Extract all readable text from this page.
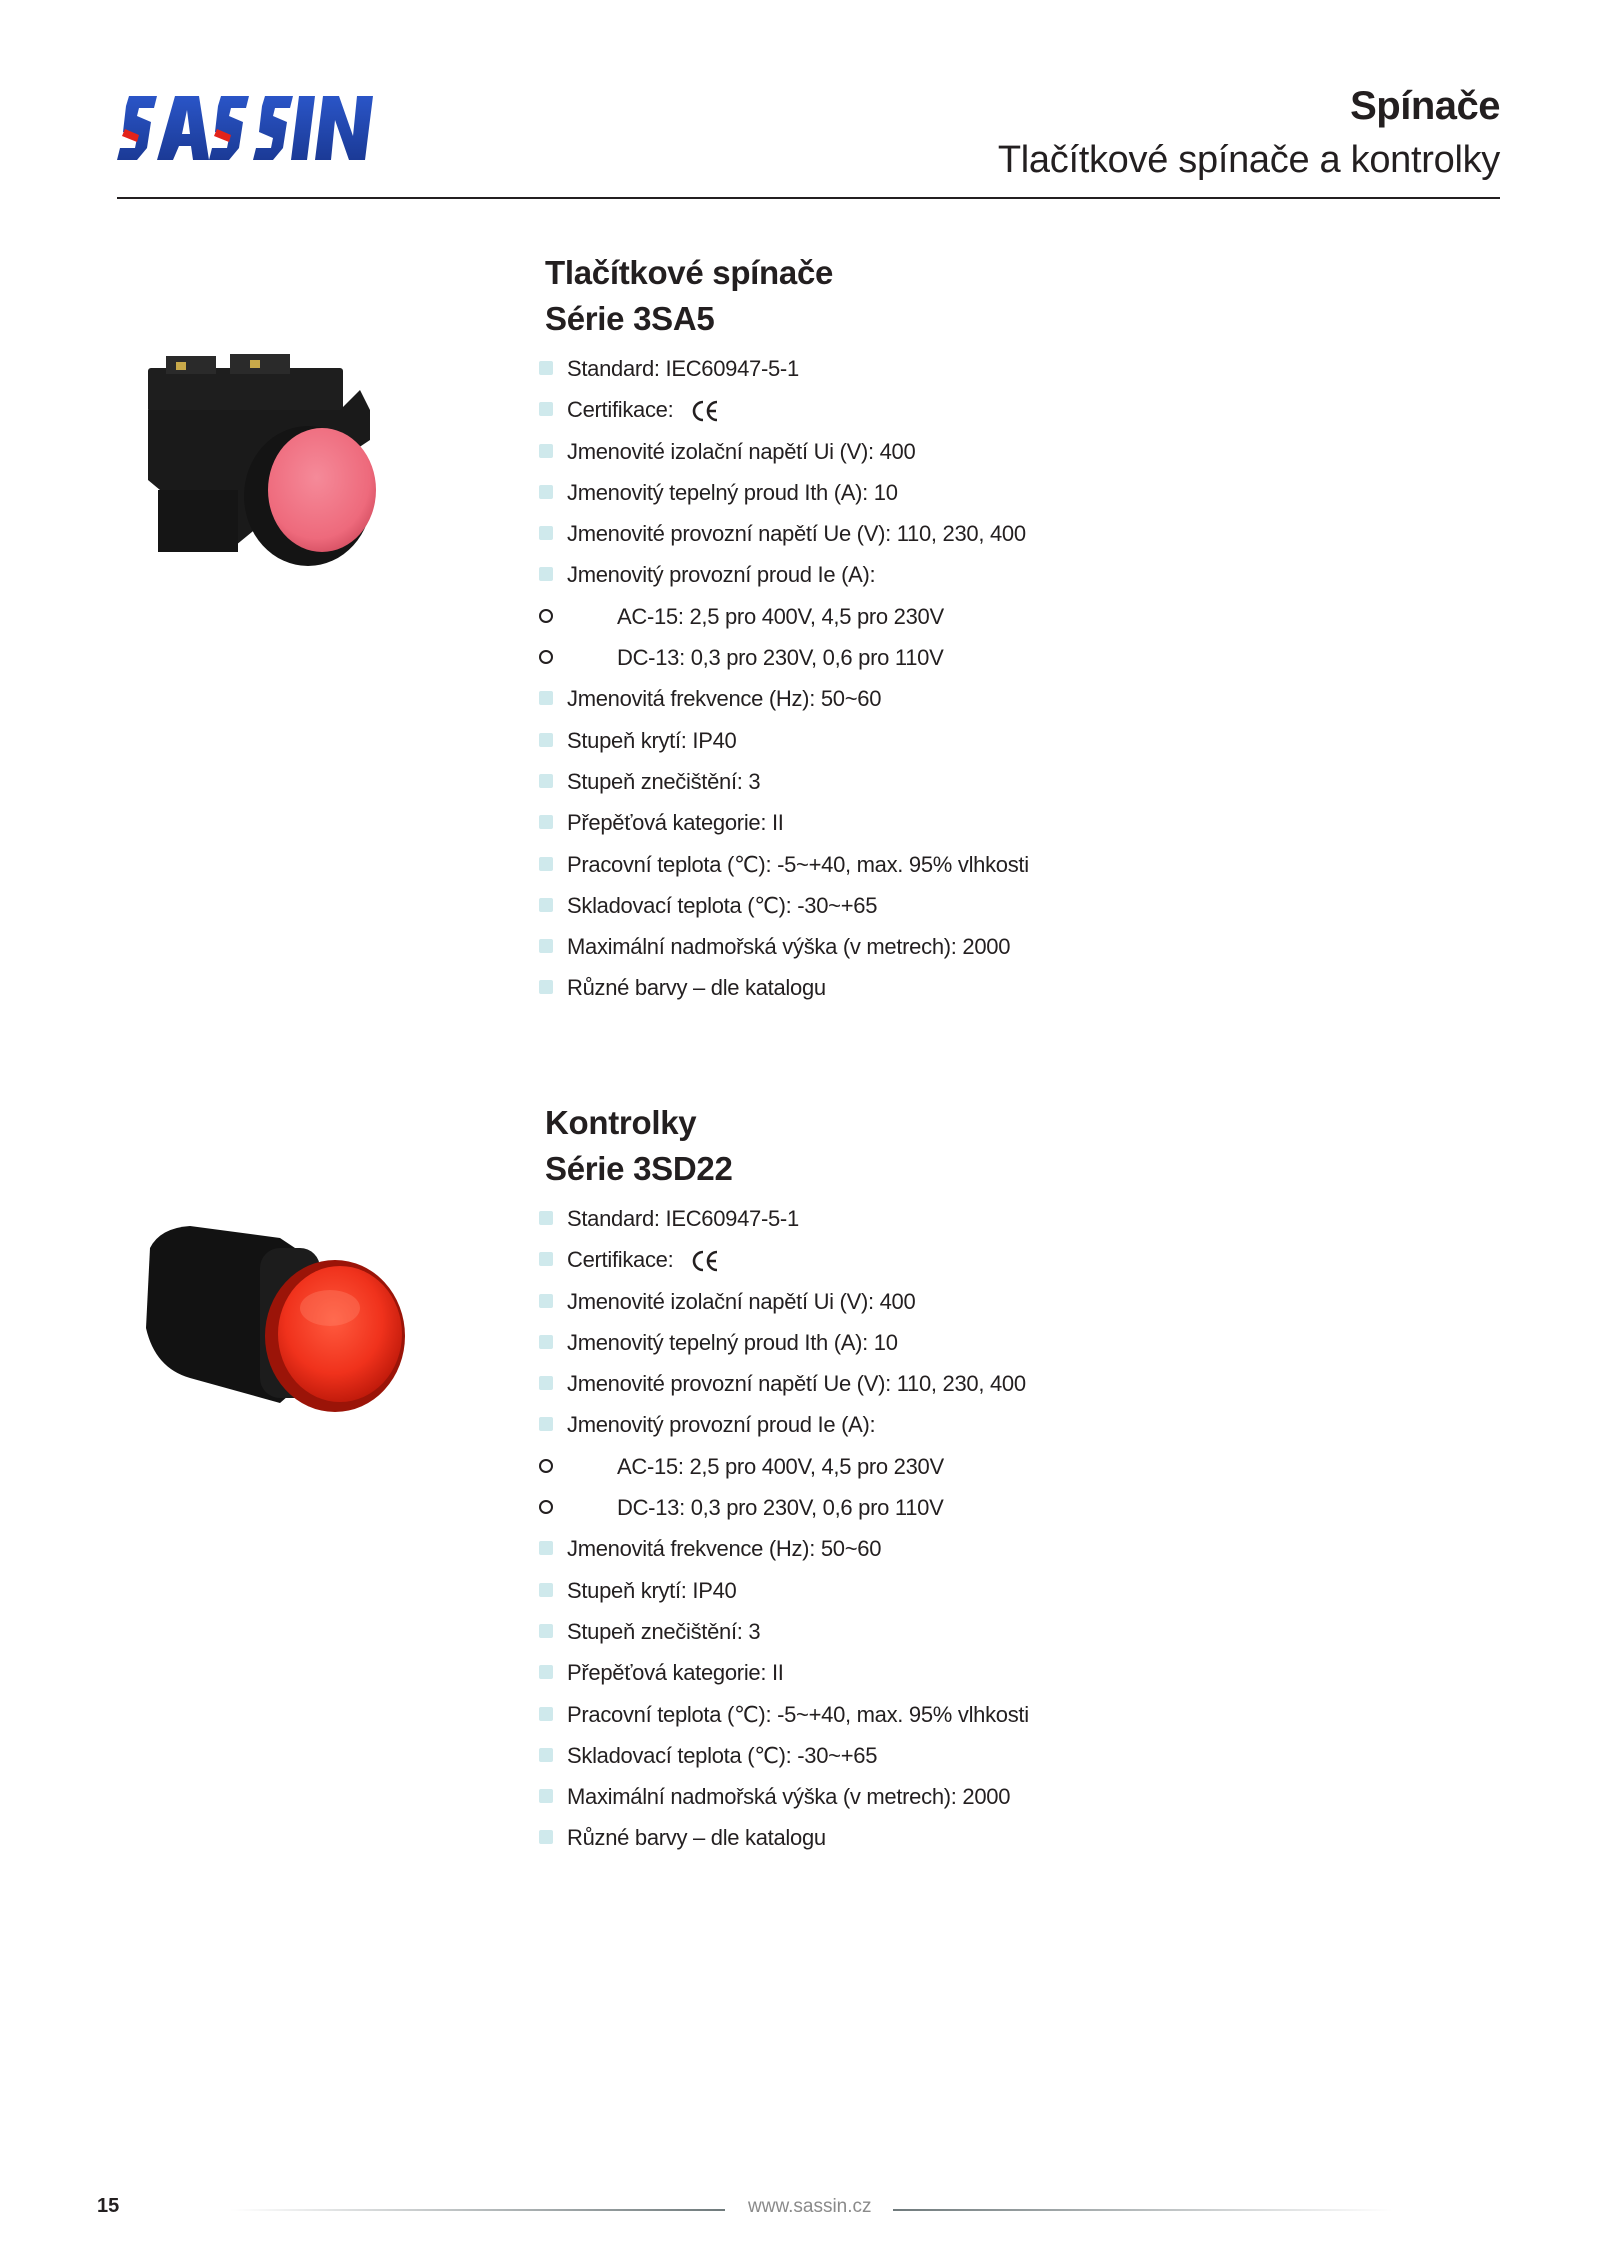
Spínače
Tlačítkové spínače a kontrolky
Tlačítkové spínače
Série 3SA5
Standard: IEC60947-5-1
Certifikace:
Jmenovité izolační napětí Ui (V): 400
Jmenovitý tepelný proud Ith (A): 10
Jmenovité provozní napětí Ue (V): 110, 230, 400
Jmenovitý provozní proud Ie (A):
AC-15: 2,5 pro 400V, 4,5 pro 230V
DC-13: 0,3 pro 230V, 0,6 pro 110V
Jmenovitá frekvence (Hz): 50~60
Stupeň krytí: IP40
Stupeň znečištění: 3
Přepěťová kategorie: II
Pracovní teplota (℃): -5~+40, max. 95% vlhkosti
Skladovací teplota (℃): -30~+65
Maximální nadmořská výška (v metrech): 2000
Různé barvy – dle katalogu
Kontrolky
Série 3SD22
Standard: IEC60947-5-1
Certifikace:
Jmenovité izolační napětí Ui (V): 400
Jmenovitý tepelný proud Ith (A): 10
Jmenovité provozní napětí Ue (V): 110, 230, 400
Jmenovitý provozní proud Ie (A):
AC-15: 2,5 pro 400V, 4,5 pro 230V
DC-13: 0,3 pro 230V, 0,6 pro 110V
Jmenovitá frekvence (Hz): 50~60
Stupeň krytí: IP40
Stupeň znečištění: 3
Přepěťová kategorie: II
Pracovní teplota (℃): -5~+40, max. 95% vlhkosti
Skladovací teplota (℃): -30~+65
Maximální nadmořská výška (v metrech): 2000
Různé barvy – dle katalogu
15	www.sassin.cz
